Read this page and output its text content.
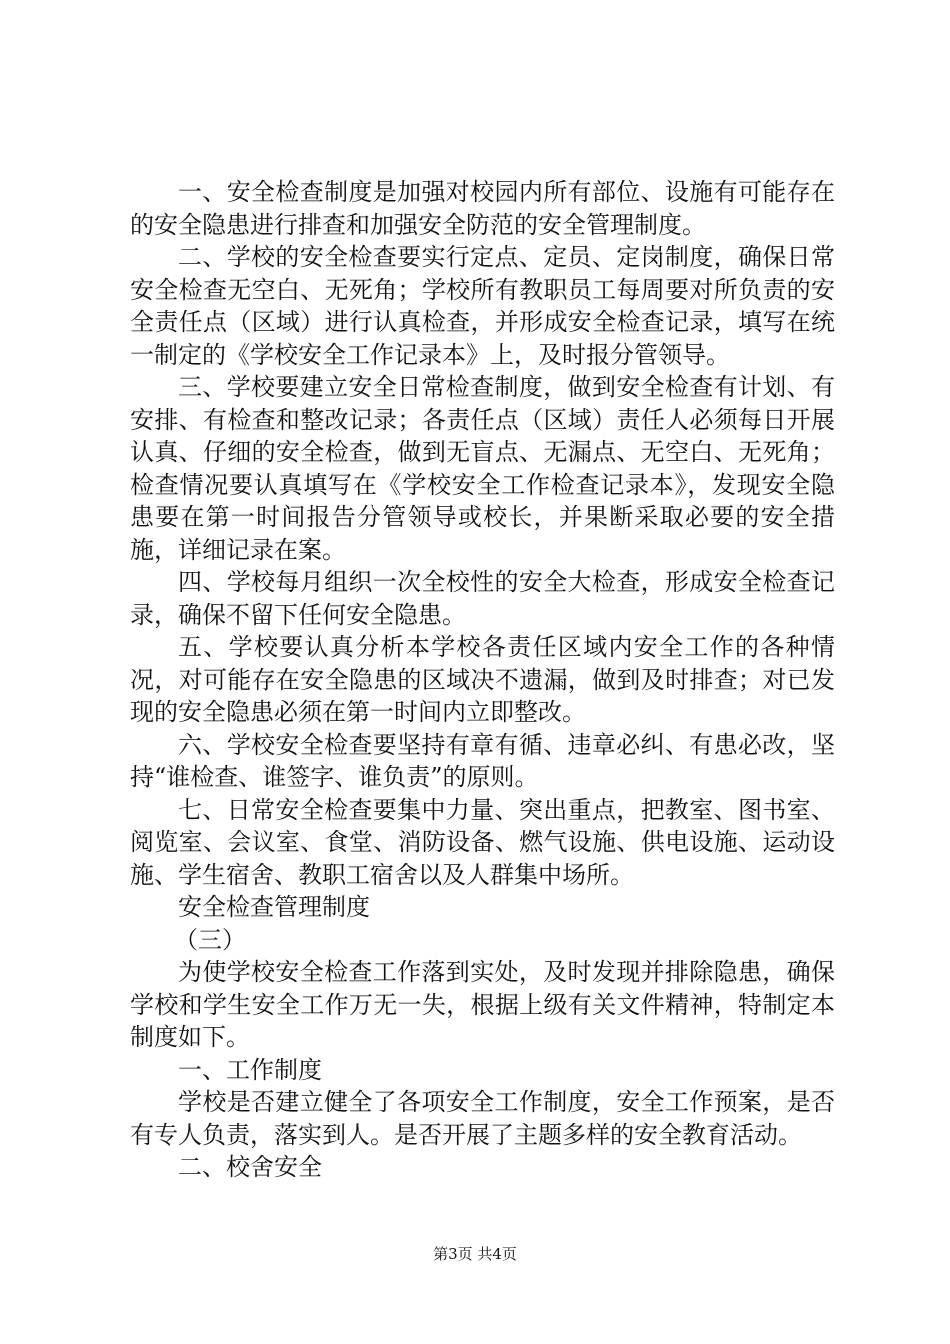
一、安全检查制度是加强对校园内所有部位、设施有可能存在的安全隐患进行排查和加强安全防范的安全管理制度。

二、学校的安全检查要实行定点、定员、定岗制度，确保日常安全检查无空白、无死角；学校所有教职员工每周要对所负责的安全责任点（区域）进行认真检查，并形成安全检查记录，填写在统一制定的《学校安全工作记录本》上，及时报分管领导。

三、学校要建立安全日常检查制度，做到安全检查有计划、有安排、有检查和整改记录；各责任点（区域）责任人必须每日开展认真、仔细的安全检查，做到无盲点、无漏点、无空白、无死角；检查情况要认真填写在《学校安全工作检查记录本》，发现安全隐患要在第一时间报告分管领导或校长，并果断采取必要的安全措施，详细记录在案。

四、学校每月组织一次全校性的安全大检查，形成安全检查记录，确保不留下任何安全隐患。

五、学校要认真分析本学校各责任区域内安全工作的各种情况，对可能存在安全隐患的区域决不遗漏，做到及时排查；对已发现的安全隐患必须在第一时间内立即整改。

六、学校安全检查要坚持有章有循、违章必纠、有患必改，坚持“谁检查、谁签字、谁负责”的原则。

七、日常安全检查要集中力量、突出重点，把教室、图书室、阅览室、会议室、食堂、消防设备、燃气设施、供电设施、运动设施、学生宿舍、教职工宿舍以及人群集中场所。

安全检查管理制度

（三）

为使学校安全检查工作落到实处，及时发现并排除隐患，确保学校和学生安全工作万无一失，根据上级有关文件精神，特制定本制度如下。

一、工作制度

学校是否建立健全了各项安全工作制度，安全工作预案，是否有专人负责，落实到人。是否开展了主题多样的安全教育活动。

二、校舍安全

第3页 共4页
